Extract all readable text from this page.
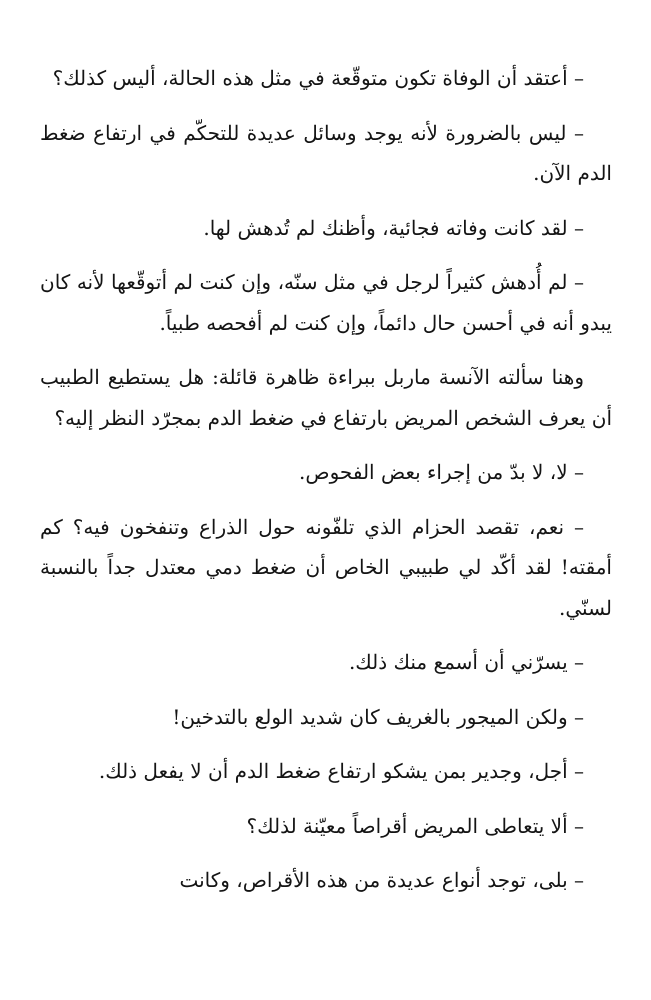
– أعتقد أن الوفاة تكون متوقّعة في مثل هذه الحالة، أليس كذلك؟

– ليس بالضرورة لأنه يوجد وسائل عديدة للتحكّم في ارتفاع ضغط الدم الآن.

– لقد كانت وفاته فجائية، وأظنك لم تُدهش لها.

– لم أُدهش كثيراً لرجل في مثل سنّه، وإن كنت لم أتوقّعها لأنه كان يبدو أنه في أحسن حال دائماً، وإن كنت لم أفحصه طبياً.

وهنا سألته الآنسة ماربل ببراءة ظاهرة قائلة: هل يستطيع الطبيب أن يعرف الشخص المريض بارتفاع في ضغط الدم بمجرّد النظر إليه؟

– لا، لا بدّ من إجراء بعض الفحوص.

– نعم، تقصد الحزام الذي تلفّونه حول الذراع وتنفخون فيه؟ كم أمقته! لقد أكّد لي طبيبي الخاص أن ضغط دمي معتدل جداً بالنسبة لسنّي.

– يسرّني أن أسمع منك ذلك.

– ولكن الميجور بالغريف كان شديد الولع بالتدخين!

– أجل، وجدير بمن يشكو ارتفاع ضغط الدم أن لا يفعل ذلك.

– ألا يتعاطى المريض أقراصاً معيّنة لذلك؟

– بلى، توجد أنواع عديدة من هذه الأقراص، وكانت
